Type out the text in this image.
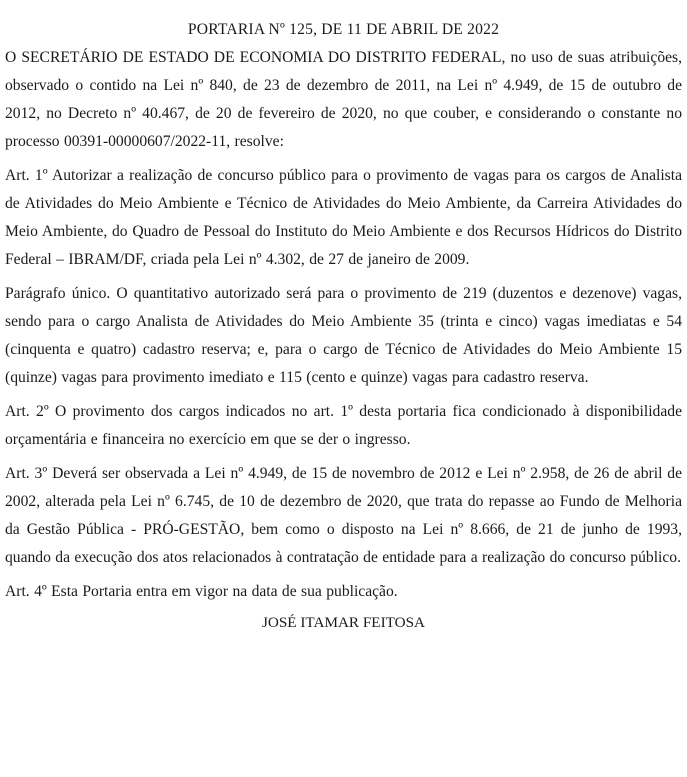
PORTARIA Nº 125, DE 11 DE ABRIL DE 2022

O SECRETÁRIO DE ESTADO DE ECONOMIA DO DISTRITO FEDERAL, no uso de suas atribuições, observado o contido na Lei nº 840, de 23 de dezembro de 2011, na Lei nº 4.949, de 15 de outubro de 2012, no Decreto nº 40.467, de 20 de fevereiro de 2020, no que couber, e considerando o constante no processo 00391-00000607/2022-11, resolve:

Art. 1º Autorizar a realização de concurso público para o provimento de vagas para os cargos de Analista de Atividades do Meio Ambiente e Técnico de Atividades do Meio Ambiente, da Carreira Atividades do Meio Ambiente, do Quadro de Pessoal do Instituto do Meio Ambiente e dos Recursos Hídricos do Distrito Federal – IBRAM/DF, criada pela Lei nº 4.302, de 27 de janeiro de 2009.

Parágrafo único. O quantitativo autorizado será para o provimento de 219 (duzentos e dezenove) vagas, sendo para o cargo Analista de Atividades do Meio Ambiente 35 (trinta e cinco) vagas imediatas e 54 (cinquenta e quatro) cadastro reserva; e, para o cargo de Técnico de Atividades do Meio Ambiente 15 (quinze) vagas para provimento imediato e 115 (cento e quinze) vagas para cadastro reserva.

Art. 2º O provimento dos cargos indicados no art. 1º desta portaria fica condicionado à disponibilidade orçamentária e financeira no exercício em que se der o ingresso.

Art. 3º Deverá ser observada a Lei nº 4.949, de 15 de novembro de 2012 e Lei nº 2.958, de 26 de abril de 2002, alterada pela Lei nº 6.745, de 10 de dezembro de 2020, que trata do repasse ao Fundo de Melhoria da Gestão Pública - PRÓ-GESTÃO, bem como o disposto na Lei nº 8.666, de 21 de junho de 1993, quando da execução dos atos relacionados à contratação de entidade para a realização do concurso público.

Art. 4º Esta Portaria entra em vigor na data de sua publicação.

JOSÉ ITAMAR FEITOSA
